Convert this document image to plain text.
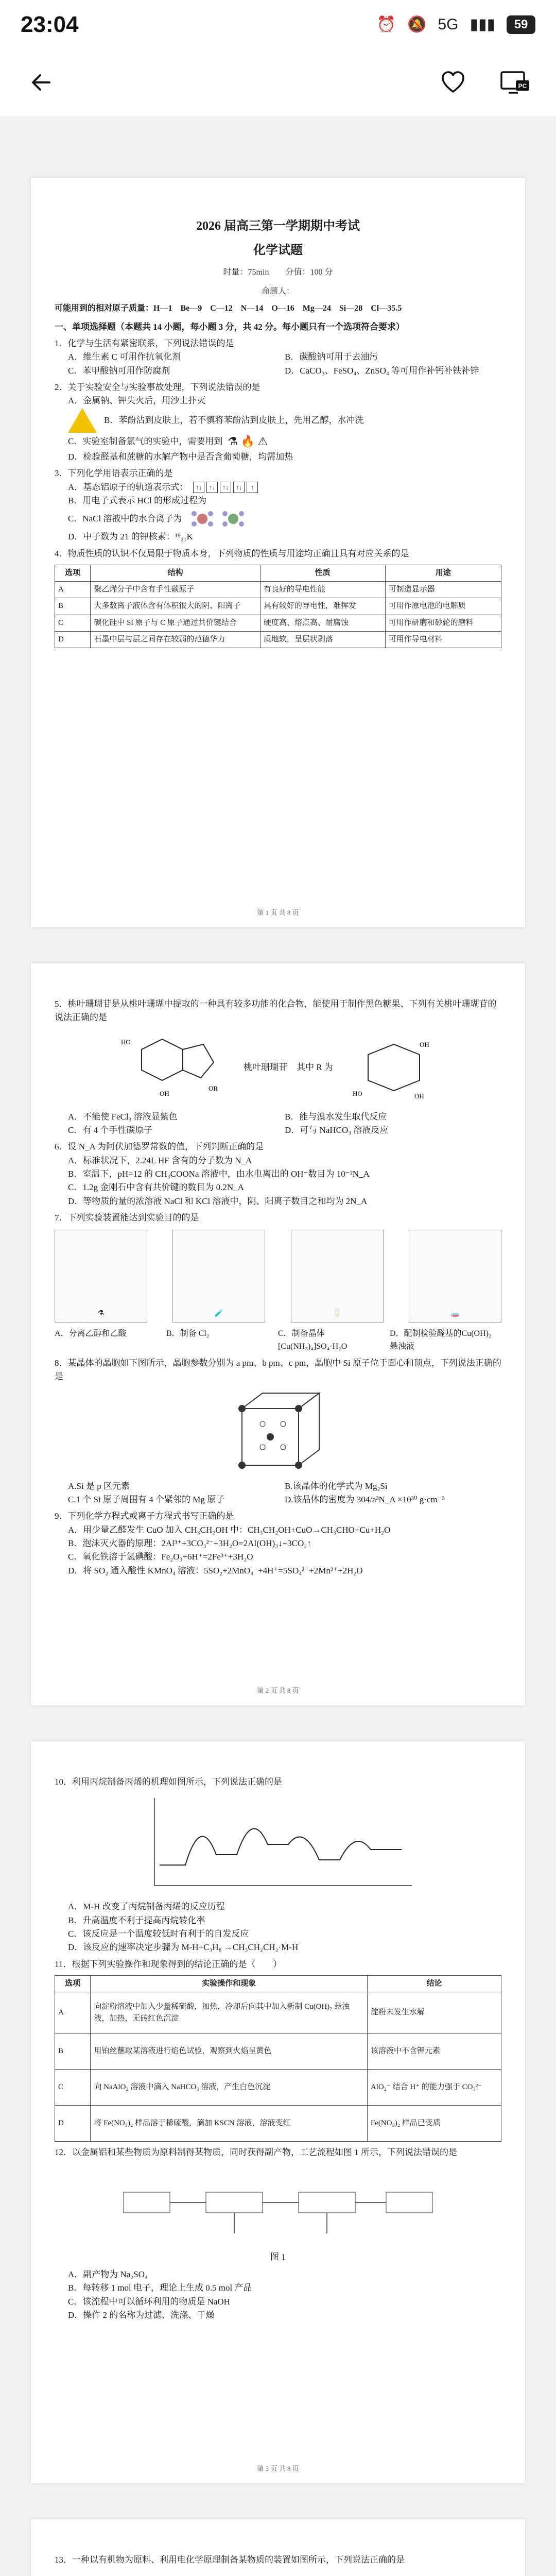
23:04	⏰ 🔕 5G ▮▮▮	59
PC
2026 届高三第一学期期中考试
化学试题
时量：75min　　分值：100 分
命题人：
可能用到的相对原子质量：H—1　Be—9　C—12　N—14　O—16　Mg—24　Si—28　Cl—35.5
一、单项选择题（本题共 14 小题，每小题 3 分，共 42 分。每小题只有一个选项符合要求）
1．化学与生活有紧密联系，下列说法错误的是
A．维生素 C 可用作抗氧化剂	B．碳酸钠可用于去油污
C．苯甲酸钠可用作防腐剂	D．CaCO₃、FeSO₄、ZnSO₄ 等可用作补钙补铁补锌
2．关于实验安全与实验事故处理，下列说法错误的是
A．金属钠、钾失火后，用沙土扑灭
B．苯酚沾到皮肤上，若不慎将苯酚沾到皮肤上，先用乙醇，水冲洗
C．实验室制备氯气的实验中，需要用到 ⚗ 🔥 ⚠
D．检验醛基和蔗糖的水解产物中是否含葡萄糖，均需加热
3．下列化学用语表示正确的是
A．基态铝原子的轨道表示式：	↑↓	↑↓	↑↓	↑↓	↑
B．用电子式表示 HCl 的形成过程为
C．NaCl 溶液中的水合离子为
D．中子数为 21 的钾核素：¹⁹₂₁K
4．物质性质的认识不仅局限于物质本身，下列物质的性质与用途均正确且具有对应关系的是
选项	结构	性质	用途
A	聚乙烯分子中含有手性碳原子	有良好的导电性能	可制造显示器
B	大多数离子液体含有体积很大的阴、阳离子	具有较好的导电性，难挥发	可用作原电池的电解质
C	碳化硅中 Si 原子与 C 原子通过共价键结合	硬度高、熔点高、耐腐蚀	可用作研磨和砂轮的磨料
D	石墨中层与层之间存在较弱的范德华力	质地软，呈层状剥落	可用作导电材料
第 1 页 共 8 页
5．桃叶珊瑚苷是从桃叶珊瑚中提取的一种具有较多功能的化合物，能使用于制作黑色糖果、下列有关桃叶珊瑚苷的说法正确的是
HO
OR
OH
桃叶珊瑚苷 其中 R 为
OH
HO	OH
A．不能使 FeCl₃ 溶液显紫色	B．能与溴水发生取代反应
C．有 4 个手性碳原子	D．可与 NaHCO₃ 溶液反应
6．设 N_A 为阿伏加德罗常数的值，下列判断正确的是
A．标准状况下，2.24L HF 含有的分子数为 N_A
B．室温下，pH=12 的 CH₃COONa 溶液中，由水电离出的 OH⁻数目为 10⁻²N_A
C．1.2g 金刚石中含有共价键的数目为 0.2N_A
D．等物质的量的浓溶液 NaCl 和 KCl 溶液中，阴、阳离子数目之和均为 2N_A
7．下列实验装置能达到实验目的的是
⚗	🧪	🥛	🧫
A．分离乙醇和乙酸	B．制备 Cl₂	C．制备晶体[Cu(NH₃)₄]SO₄·H₂O
D．配制检验醛基的Cu(OH)₂ 悬浊液
8．某晶体的晶胞如下图所示，晶胞参数分别为 a pm、b pm、c pm，晶胞中 Si 原子位于面心和顶点，下列说法正确的是
A.Si 是 p 区元素	B.该晶体的化学式为 Mg₂Si
C.1 个 Si 原子周围有 4 个紧邻的 Mg 原子	D.该晶体的密度为 304/a³N_A ×10³⁰ g·cm⁻³
9．下列化学方程式或离子方程式书写正确的是
A．用少量乙醛发生 CuO 加入 CH₃CH₂OH 中：CH₃CH₂OH+CuO→CH₃CHO+Cu+H₂O
B．泡沫灭火器的原理：2Al³⁺+3CO₃²⁻+3H₂O=2Al(OH)₃↓+3CO₂↑
C．氧化铁溶于氢碘酸：Fe₂O₃+6H⁺=2Fe³⁺+3H₂O
D．将 SO₂ 通入酸性 KMnO₄ 溶液：5SO₂+2MnO₄⁻+4H⁺=5SO₄²⁻+2Mn²⁺+2H₂O
第 2 页 共 8 页
10．利用丙烷制备丙烯的机理如图所示，下列说法正确的是
A．M-H 改变了丙烷制备丙烯的反应历程
B．升高温度不利于提高丙烷转化率
C．该反应是一个温度较低时有利于的自发反应
D．该反应的速率决定步骤为 M-H+C₃H₈ →CH₃CH₂CH₂·M-H
11．根据下列实验操作和现象得到的结论正确的是（　　）
选项	实验操作和现象	结论
A	向淀粉溶液中加入少量稀硫酸，加热，冷却后向其中加入新制 Cu(OH)₂ 悬浊液，加热，无砖红色沉淀	淀粉未发生水解
B	用铂丝蘸取某溶液进行焰色试验，观察到火焰呈黄色	该溶液中不含钾元素
C	向 NaAlO₂ 溶液中滴入 NaHCO₃ 溶液，产生白色沉淀	AlO₂⁻ 结合 H⁺ 的能力强于 CO₃²⁻
D	将 Fe(NO₃)₂ 样品溶于稀硫酸，滴加 KSCN 溶液，溶液变红	Fe(NO₃)₂ 样品已变质
12．以金属铝和某些物质为原料制得某物质，同时获得副产物，工艺流程如图 1 所示，下列说法错误的是
图 1
A．副产物为 Na₂SO₄
B．每转移 1 mol 电子，理论上生成 0.5 mol 产品
C．该流程中可以循环利用的物质是 NaOH
D．操作 2 的名称为过滤、洗涤、干燥
第 3 页 共 8 页
13．一种以有机物为原料、利用电化学原理制备某物质的装置如图所示，下列说法正确的是
